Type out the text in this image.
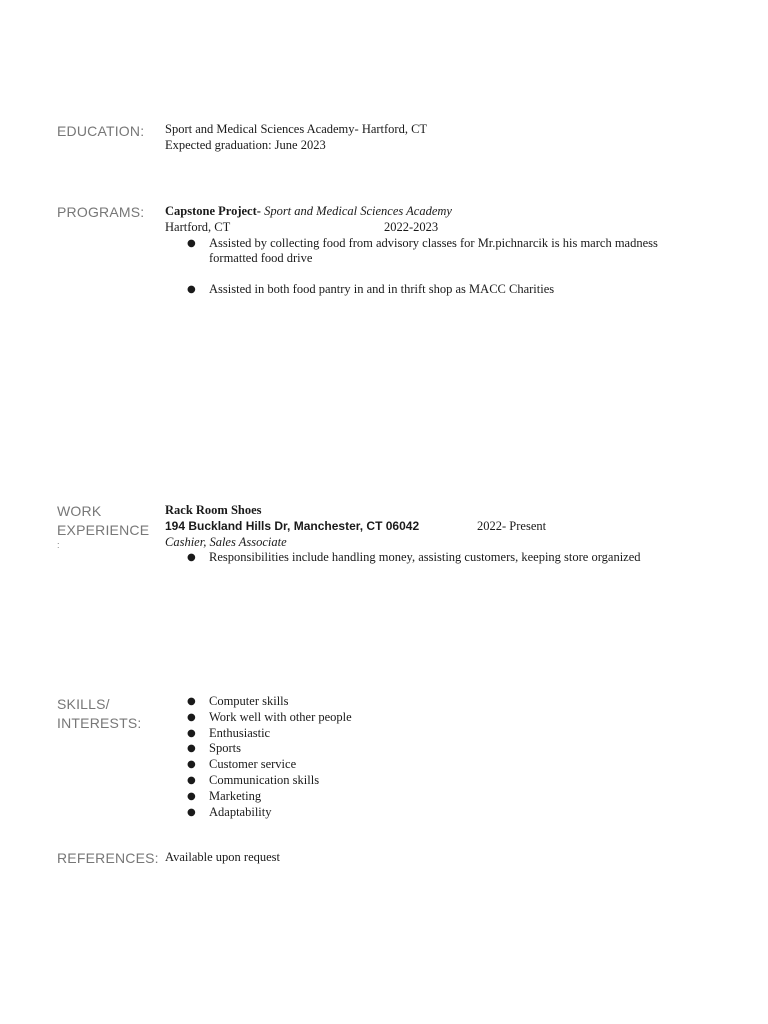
EDUCATION: Sport and Medical Sciences Academy- Hartford, CT
Expected graduation: June 2023
PROGRAMS: Capstone Project- Sport and Medical Sciences Academy
Hartford, CT	2022-2023
● Assisted by collecting food from advisory classes for Mr.pichnarcik is his march madness formatted food drive
● Assisted in both food pantry in and in thrift shop as MACC Charities
WORK
EXPERIENCE
:
Rack Room Shoes
194 Buckland Hills Dr, Manchester, CT 06042	2022- Present
Cashier, Sales Associate
● Responsibilities include handling money, assisting customers, keeping store organized
SKILLS/
INTERESTS:
● Computer skills
● Work well with other people
● Enthusiastic
● Sports
● Customer service
● Communication skills
● Marketing
● Adaptability
REFERENCES: Available upon request
